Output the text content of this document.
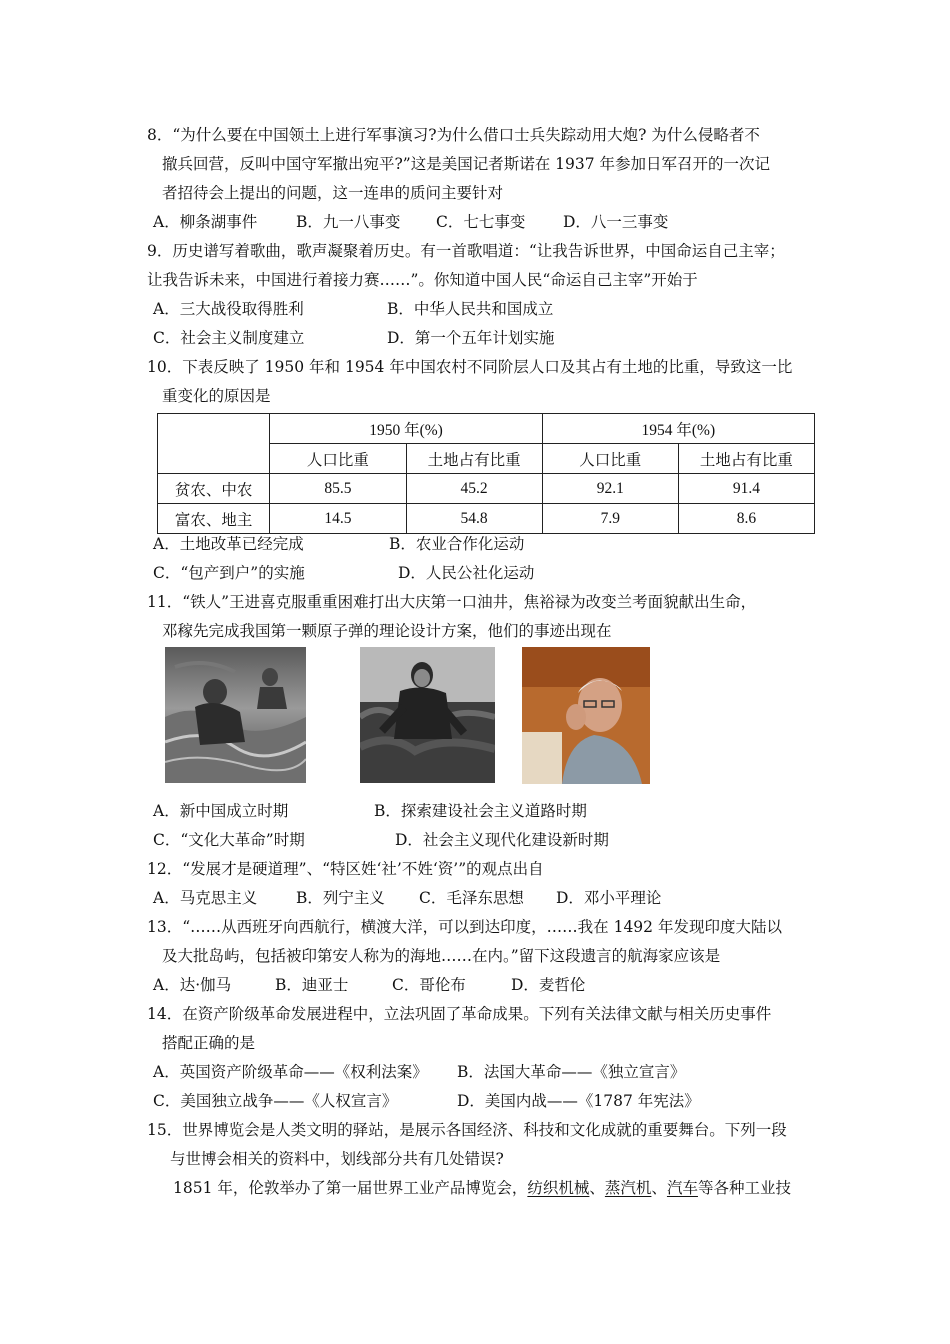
8．“为什么要在中国领土上进行军事演习?为什么借口士兵失踪动用大炮? 为什么侵略者不
撤兵回营，反叫中国守军撤出宛平?”这是美国记者斯诺在 1937 年参加日军召开的一次记
者招待会上提出的问题，这一连串的质问主要针对
A．柳条湖事件	B．九一八事变 C．七七事变 D．八一三事变
9．历史谱写着歌曲，歌声凝聚着历史。有一首歌唱道：“让我告诉世界，中国命运自己主宰；
让我告诉未来，中国进行着接力赛……”。你知道中国人民“命运自己主宰”开始于
A．三大战役取得胜利	B．中华人民共和国成立
C．社会主义制度建立	D．第一个五年计划实施
10．下表反映了 1950 年和 1954 年中国农村不同阶层人口及其占有土地的比重，导致这一比
重变化的原因是
	1950 年(%)		1954 年(%)	
	人口比重	土地占有比重	人口比重	土地占有比重
贫农、中农	85.5	45.2	92.1	91.4
富农、地主	14.5	54.8	7.9	8.6
A．土地改革已经完成	B．农业合作化运动
C．“包产到户”的实施	D．人民公社化运动
11．“铁人”王进喜克服重重困难打出大庆第一口油井，焦裕禄为改变兰考面貌献出生命，
邓稼先完成我国第一颗原子弹的理论设计方案，他们的事迹出现在
A．新中国成立时期	B．探索建设社会主义道路时期
C．“文化大革命”时期	D．社会主义现代化建设新时期
12．“发展才是硬道理”、“特区姓‘社’不姓‘资’”的观点出自
A．马克思主义	B．列宁主义 C．毛泽东思想 D．邓小平理论
13．“……从西班牙向西航行，横渡大洋，可以到达印度，……我在 1492 年发现印度大陆以
及大批岛屿，包括被印第安人称为的海地……在内。”留下这段遗言的航海家应该是
A．达·伽马	B．迪亚士	C．哥伦布	D．麦哲伦
14．在资产阶级革命发展进程中，立法巩固了革命成果。下列有关法律文献与相关历史事件
搭配正确的是
A．英国资产阶级革命——《权利法案》 B．法国大革命——《独立宣言》
C．美国独立战争——《人权宣言》	D．美国内战——《1787 年宪法》
15．世界博览会是人类文明的驿站，是展示各国经济、科技和文化成就的重要舞台。下列一段
与世博会相关的资料中，划线部分共有几处错误?
1851 年，伦敦举办了第一届世界工业产品博览会，纺织机械、蒸汽机、汽车等各种工业技
